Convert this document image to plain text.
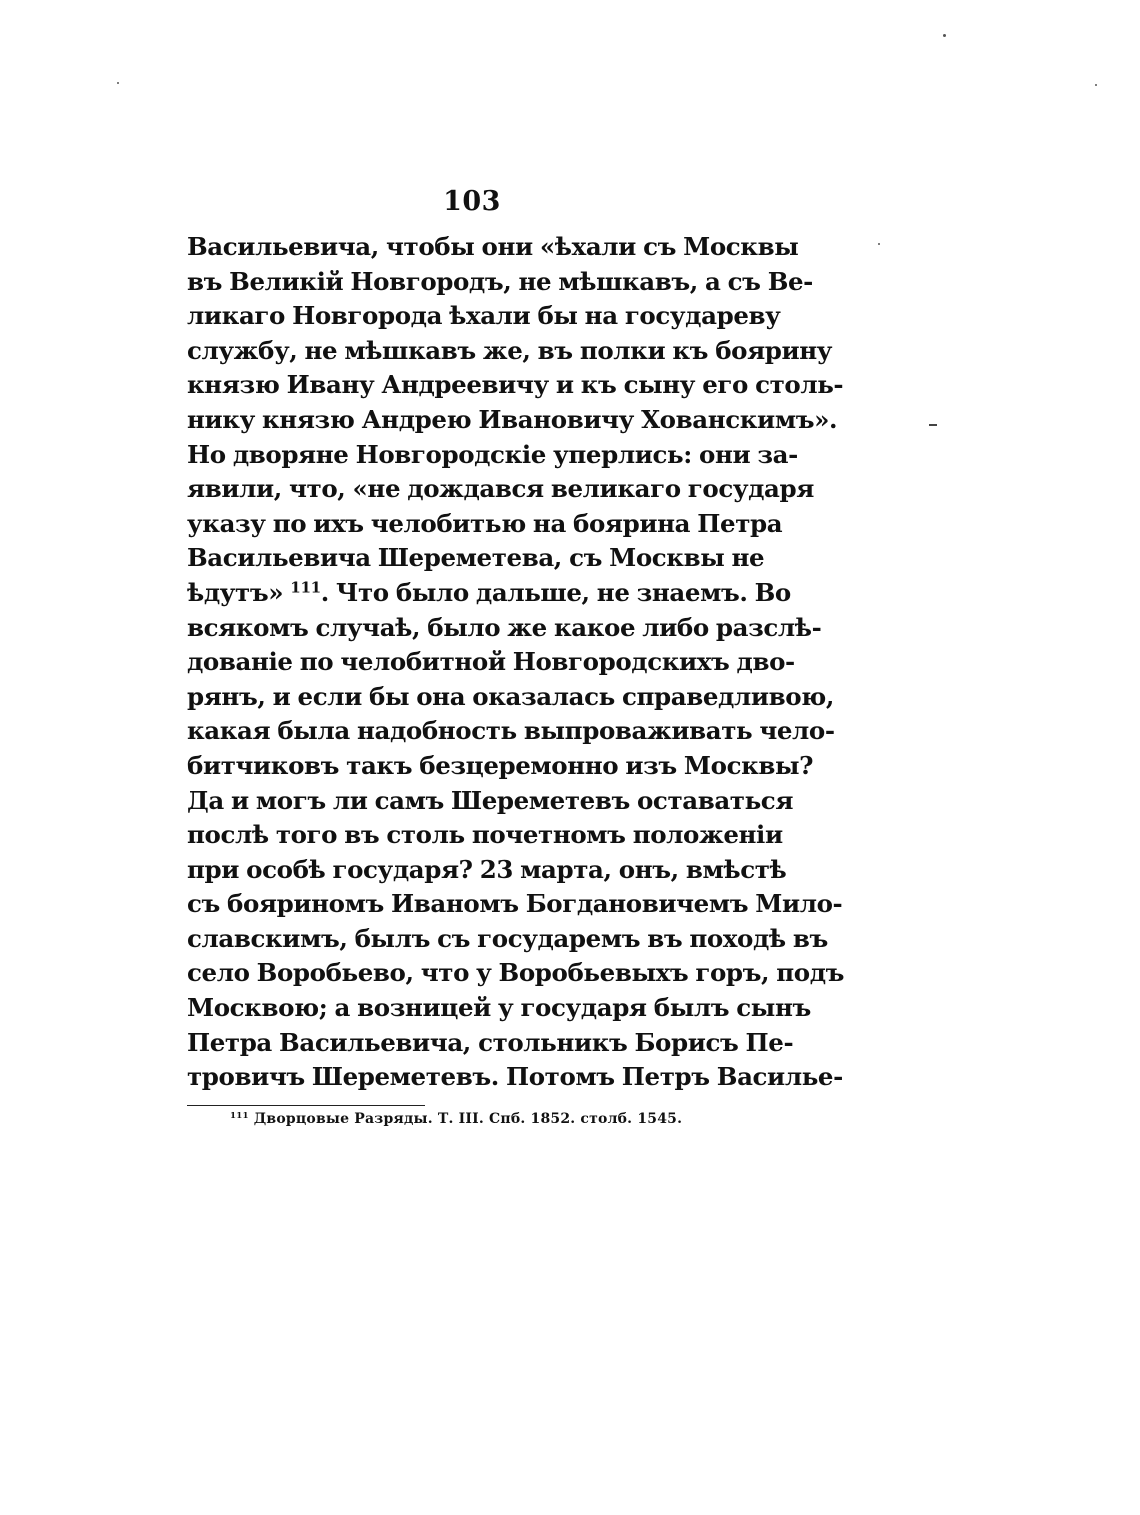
103
Васильевича, чтобы они «ѣхали съ Москвы
въ Великій Новгородъ, не мѣшкавъ, а съ Ве-
ликаго Новгорода ѣхали бы на государеву
службу, не мѣшкавъ же, въ полки къ боярину
князю Ивану Андреевичу и къ сыну его столь-
нику князю Андрею Ивановичу Хованскимъ».
Но дворяне Новгородскіе уперлись: они за-
явили, что, «не дождався великаго государя
указу по ихъ челобитью на боярина Петра
Васильевича Шереметева, съ Москвы не
ѣдутъ» $^{111}$. Что было дальше, не знаемъ. Во
всякомъ случаѣ, было же какое либо разслѣ-
дованіе по челобитной Новгородскихъ дво-
рянъ, и если бы она оказалась справедливою,
какая была надобность выпроваживать чело-
битчиковъ такъ безцеремонно изъ Москвы?
Да и могъ ли самъ Шереметевъ оставаться
послѣ того въ столь почетномъ положеніи
при особѣ государя? 23 марта, онъ, вмѣстѣ
съ бояриномъ Иваномъ Богдановичемъ Мило-
славскимъ, былъ съ государемъ въ походѣ въ
село Воробьево, что у Воробьевыхъ горъ, подъ
Москвою; а возницей у государя былъ сынъ
Петра Васильевича, стольникъ Борисъ Пе-
тровичъ Шереметевъ. Потомъ Петръ Василье-
$^{111}$ Дворцовые Разряды. Т. III. Спб. 1852. столб. 1545.
